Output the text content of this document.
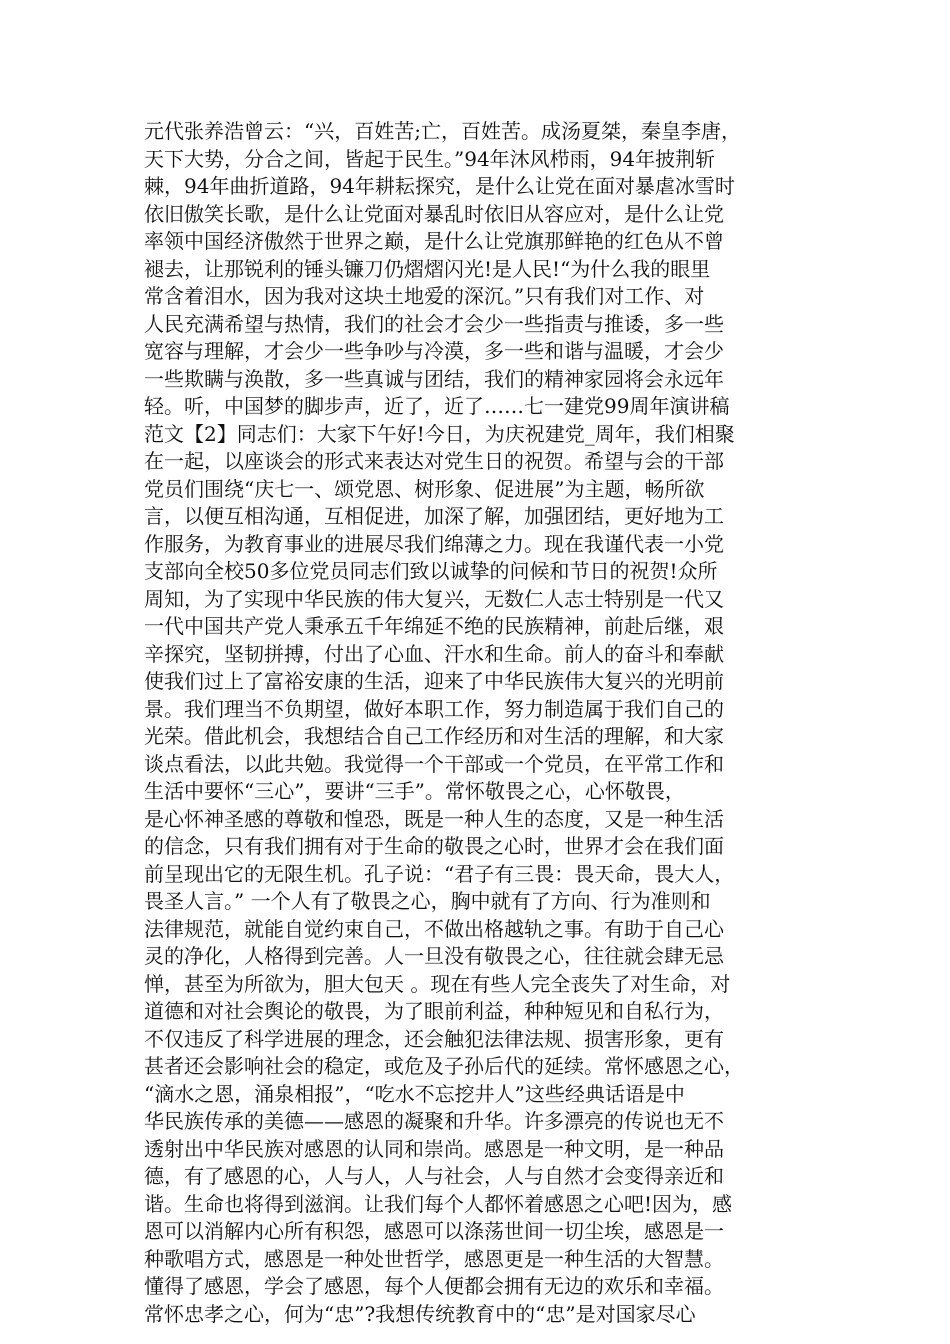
元代张养浩曾云：“兴，百姓苦;亡，百姓苦。成汤夏桀，秦皇李唐，
天下大势，分合之间，皆起于民生。”94年沐风栉雨，94年披荆斩
棘，94年曲折道路，94年耕耘探究，是什么让党在面对暴虐冰雪时
依旧傲笑长歌，是什么让党面对暴乱时依旧从容应对，是什么让党
率领中国经济傲然于世界之巅，是什么让党旗那鲜艳的红色从不曾
褪去，让那锐利的锤头镰刀仍熠熠闪光!是人民!“为什么我的眼里
常含着泪水，因为我对这块土地爱的深沉。”只有我们对工作、对
人民充满希望与热情，我们的社会才会少一些指责与推诿，多一些
宽容与理解，才会少一些争吵与冷漠，多一些和谐与温暖，才会少
一些欺瞒与涣散，多一些真诚与团结，我们的精神家园将会永远年
轻。听，中国梦的脚步声，近了，近了……七一建党99周年演讲稿
范文【2】同志们：大家下午好!今日，为庆祝建党_周年，我们相聚
在一起，以座谈会的形式来表达对党生日的祝贺。希望与会的干部
党员们围绕“庆七一、颂党恩、树形象、促进展”为主题，畅所欲
言，以便互相沟通，互相促进，加深了解，加强团结，更好地为工
作服务，为教育事业的进展尽我们绵薄之力。现在我谨代表一小党
支部向全校50多位党员同志们致以诚挚的问候和节日的祝贺!众所
周知，为了实现中华民族的伟大复兴，无数仁人志士特别是一代又
一代中国共产党人秉承五千年绵延不绝的民族精神，前赴后继，艰
辛探究，坚韧拼搏，付出了心血、汗水和生命。前人的奋斗和奉献
使我们过上了富裕安康的生活，迎来了中华民族伟大复兴的光明前
景。我们理当不负期望，做好本职工作，努力制造属于我们自己的
光荣。借此机会，我想结合自己工作经历和对生活的理解，和大家
谈点看法，以此共勉。我觉得一个干部或一个党员，在平常工作和
生活中要怀“三心”，要讲“三手”。常怀敬畏之心，心怀敬畏，
是心怀神圣感的尊敬和惶恐，既是一种人生的态度，又是一种生活
的信念，只有我们拥有对于生命的敬畏之心时，世界才会在我们面
前呈现出它的无限生机。孔子说：“君子有三畏：畏天命，畏大人，
畏圣人言。” 一个人有了敬畏之心，胸中就有了方向、行为准则和
法律规范，就能自觉约束自己，不做出格越轨之事。有助于自己心
灵的净化，人格得到完善。人一旦没有敬畏之心，往往就会肆无忌
惮，甚至为所欲为，胆大包天 。现在有些人完全丧失了对生命，对
道德和对社会舆论的敬畏，为了眼前利益，种种短见和自私行为，
不仅违反了科学进展的理念，还会触犯法律法规、损害形象，更有
甚者还会影响社会的稳定，或危及子孙后代的延续。常怀感恩之心，
“滴水之恩，涌泉相报”，“吃水不忘挖井人”这些经典话语是中
华民族传承的美德——感恩的凝聚和升华。许多漂亮的传说也无不
透射出中华民族对感恩的认同和崇尚。感恩是一种文明，是一种品
德，有了感恩的心，人与人，人与社会，人与自然才会变得亲近和
谐。生命也将得到滋润。让我们每个人都怀着感恩之心吧!因为，感
恩可以消解内心所有积怨，感恩可以涤荡世间一切尘埃，感恩是一
种歌唱方式，感恩是一种处世哲学，感恩更是一种生活的大智慧。
懂得了感恩，学会了感恩，每个人便都会拥有无边的欢乐和幸福。
常怀忠孝之心，何为“忠”?我想传统教育中的“忠”是对国家尽心
